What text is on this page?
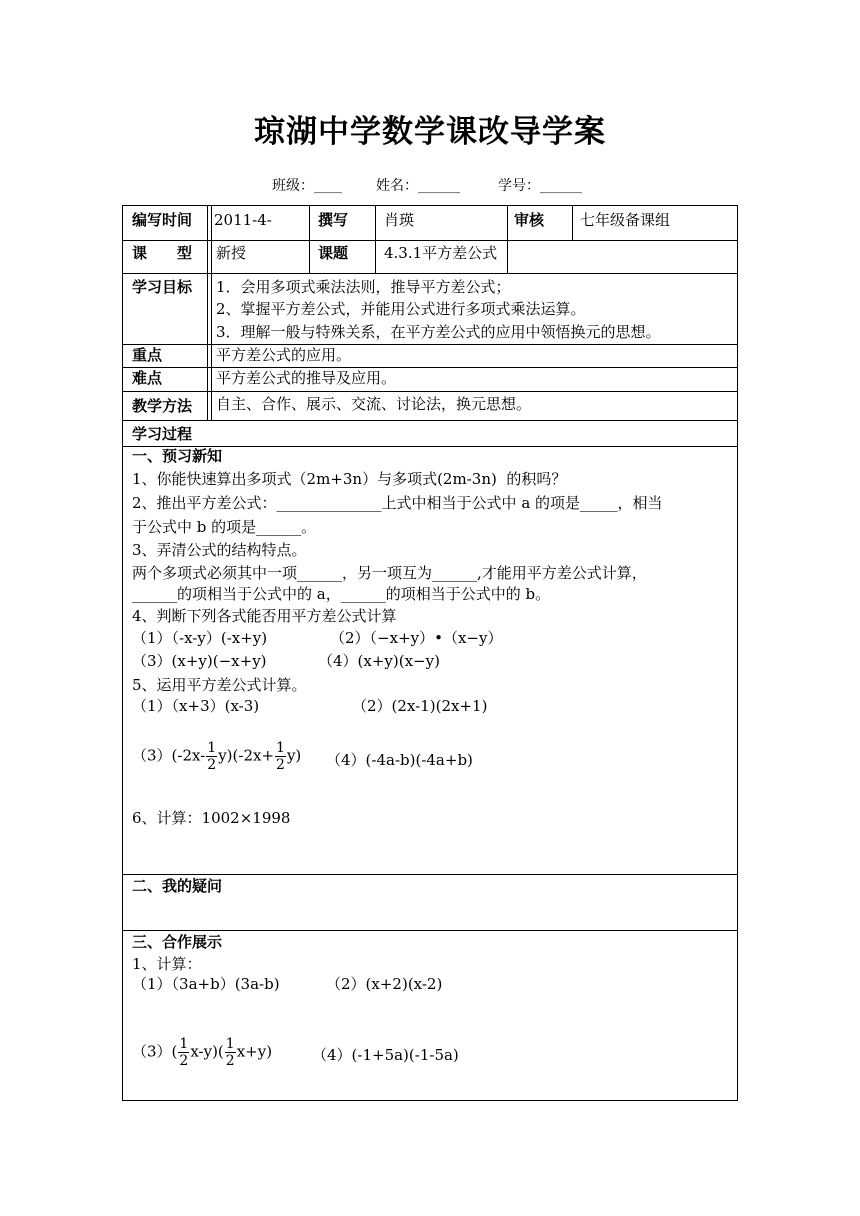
琼湖中学数学课改导学案
班级：____ 姓名：______	学号：______
编写时间 2011-4-	撰写 肖瑛	审核 七年级备课组
课　　型 新授	课题 4.3.1平方差公式
学习目标 1．会用多项式乘法法则，推导平方差公式；
2、掌握平方差公式，并能用公式进行多项式乘法运算。
3．理解一般与特殊关系，在平方差公式的应用中领悟换元的思想。
重点	平方差公式的应用。
难点	平方差公式的推导及应用。
教学方法 自主、合作、展示、交流、讨论法，换元思想。
学习过程
一、预习新知
1、你能快速算出多项式（2m+3n）与多项式(2m-3n)  的积吗？
2、推出平方差公式：______________上式中相当于公式中 a 的项是_____，相当
于公式中 b 的项是______。
3、弄清公式的结构特点。
两个多项式必须其中一项______，另一项互为______,才能用平方差公式计算，
______的项相当于公式中的 a，______的项相当于公式中的 b。
4、判断下列各式能否用平方差公式计算
（1）（-x-y）(-x+y)	（2）（−x+y）•（x−y）
（3）(x+y)(−x+y)	（4）(x+y)(x−y)
5、运用平方差公式计算。
（1）（x+3）(x-3)	（2）(2x-1)(2x+1)
$(3)(-2x- \frac{1}{2} y)(-2x+ \frac{1}{2} y)$ （4）(-4a-b)(-4a+b)
6、计算：1002×1998
二、我的疑问
三、合作展示
1、计算：
（1）（3a+b）(3a-b)	（2）(x+2)(x-2)
$(3)( \frac{1}{2} x-y)( \frac{1}{2} x+y)$	（4）(-1+5a)(-1-5a)
